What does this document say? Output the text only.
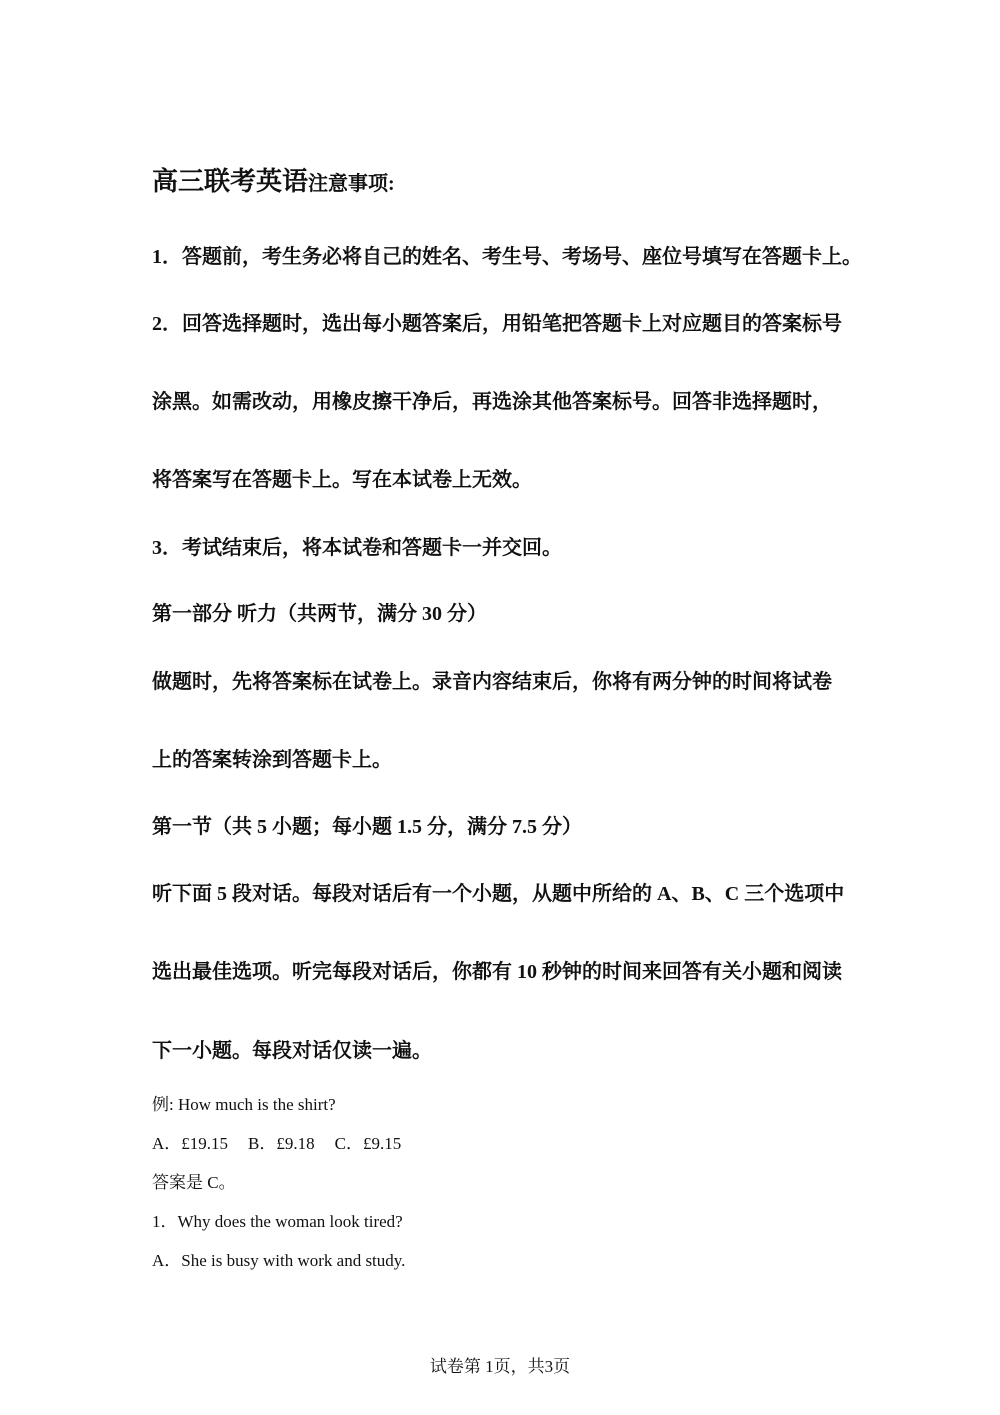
高三联考英语注意事项:
1．答题前，考生务必将自己的姓名、考生号、考场号、座位号填写在答题卡上。
2．回答选择题时，选出每小题答案后，用铅笔把答题卡上对应题目的答案标号
涂黑。如需改动，用橡皮擦干净后，再选涂其他答案标号。回答非选择题时，
将答案写在答题卡上。写在本试卷上无效。
3．考试结束后，将本试卷和答题卡一并交回。
第一部分 听力（共两节，满分 30 分）
做题时，先将答案标在试卷上。录音内容结束后，你将有两分钟的时间将试卷
上的答案转涂到答题卡上。
第一节（共 5 小题；每小题 1.5 分，满分 7.5 分）
听下面 5 段对话。每段对话后有一个小题，从题中所给的 A、B、C 三个选项中
选出最佳选项。听完每段对话后，你都有 10 秒钟的时间来回答有关小题和阅读
下一小题。每段对话仅读一遍。
例: How much is the shirt?
A．£19.15 B．£9.18 C．£9.15
答案是 C。
1．Why does the woman look tired?
A．She is busy with work and study.
试卷第 1页，共3页
